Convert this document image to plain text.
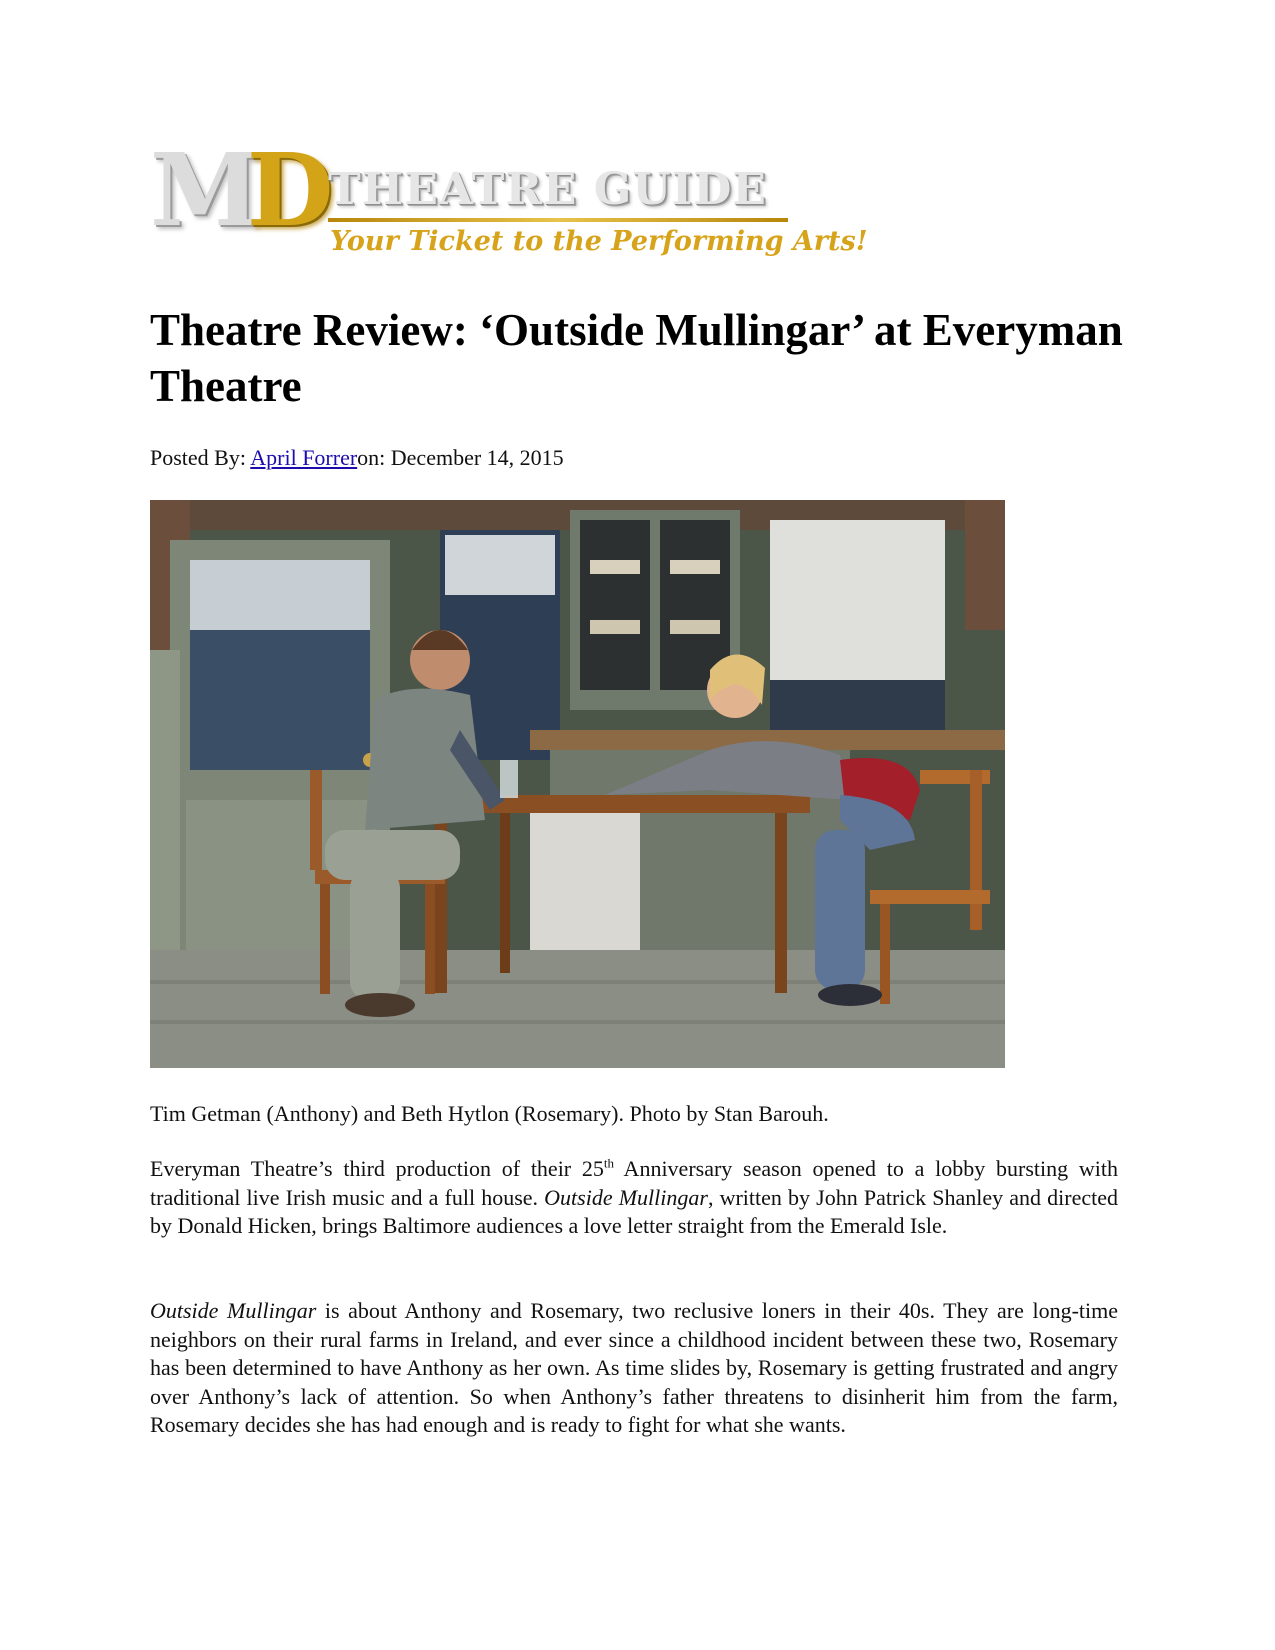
MD THEATRE GUIDE
Your Ticket to the Performing Arts!
Theatre Review: ‘Outside Mullingar’ at Everyman Theatre
Posted By: April Forreron: December 14, 2015
Tim Getman (Anthony) and Beth Hytlon (Rosemary). Photo by Stan Barouh.

Everyman Theatre’s third production of their 25th Anniversary season opened to a lobby bursting with traditional live Irish music and a full house. Outside Mullingar, written by John Patrick Shanley and directed by Donald Hicken, brings Baltimore audiences a love letter straight from the Emerald Isle.

Outside Mullingar is about Anthony and Rosemary, two reclusive loners in their 40s. They are long-time neighbors on their rural farms in Ireland, and ever since a childhood incident between these two, Rosemary has been determined to have Anthony as her own. As time slides by, Rosemary is getting frustrated and angry over Anthony’s lack of attention. So when Anthony’s father threatens to disinherit him from the farm, Rosemary decides she has had enough and is ready to fight for what she wants.
